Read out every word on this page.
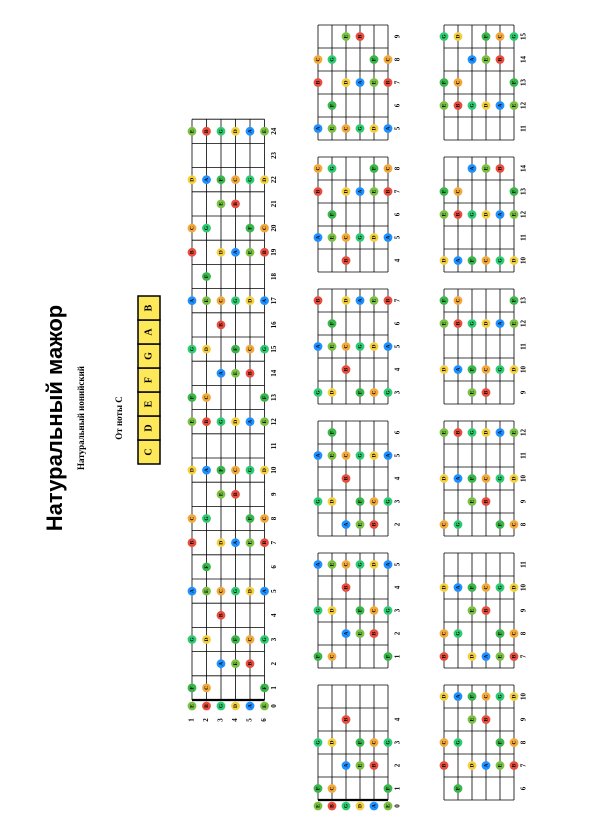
Натуральный мажор Натуральный ионийский	От ноты C
C
D
E
F
G
A
B
0
1
2
3
4
5
6
7
8
9
10
11
12
13
14
15
16
17
18
19
20
21
22
23
24
E
F
G
A
B
C
D
E
F
G
A
B
C
D
E
B
C
D
E
F
G
A
B
C
D
E
F
G
A
B
G
A
B
C
D
E
F
G
A
B
C
D
E
F
G
D
E
F
G
A
B
C
D
E
F
G
A
B
C
D
A
B
C
D
E
F
G
A
B
C
D
E
F
G
A
E
F
G
A
B
C
D
E
F
G
A
B
C
D
E
1 2 3 4 5 6
0
1
2
3
4
E
F
G
B
C
D
G
A
B
D
E
F
A
B
C
E
F
G
1
2
3
4
5
F
G
A
C
D
E
A
B
C
E
F
G
B
C
D
F
G
A
2
3
4
5
6
G
A
D
E
F
A
B
C
E
F
G
B
C
D
G
A
3
4
5
6
7
G
A
B
D
E
F
B
C
D
F
G
A
C
D
E
G
A
B
4
5
6
7
8
A
B
C
E
F
G
B
C
D
G
A
D
E
F
A
B
C
5
6
7
8
9
A
B
C
E
F
G
C
D
E
G
A
B
D
E
F
A
B
C
6
7
8
9
10
B
C
D
F
G
A
D
E
F
A
B
C
E
F
G
B
C
D
7
8
9
10
11
B
C
D
G
A
D
E
F
A
B
C
E
F
G
B
C
D
8
9
10
11
12
C
D
E
G
A
B
E
F
G
B
C
D
F
G
A
C
D
E
9
10
11
12
13
D
E
F
A
B
C
E
F
G
B
C
D
G
A
D
E
F
10
11
12
13
14
D
E
F
A
B
C
F
G
A
C
D
E
G
A
B
D
E
F
11
12
13
14
15
E
F
G
B
C
D
G
A
D
E
F
A
B
C
E
F
G
